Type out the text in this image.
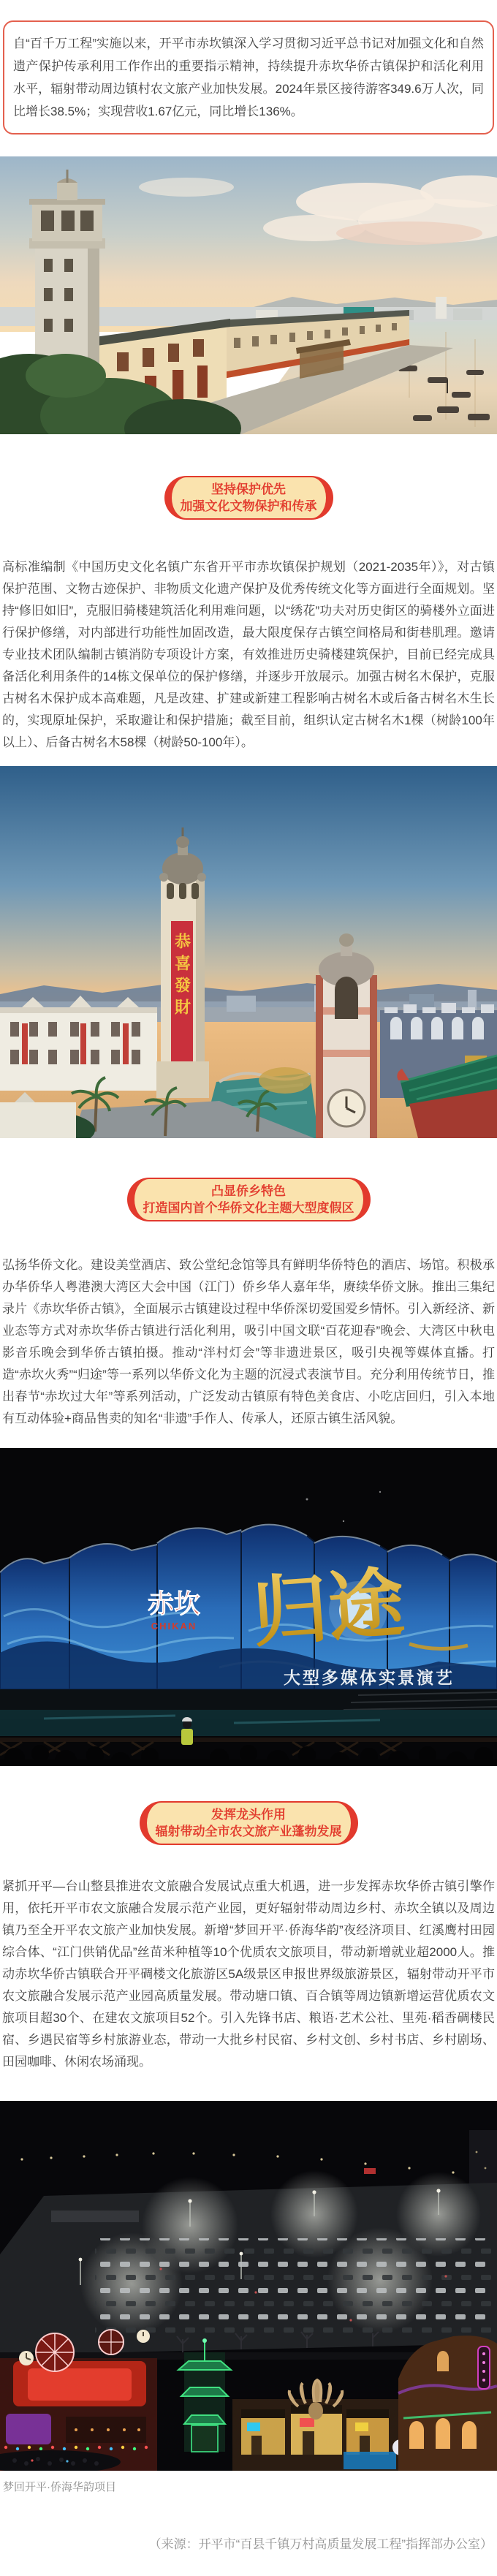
自“百千万工程”实施以来，开平市赤坎镇深入学习贯彻习近平总书记对加强文化和自然遗产保护传承利用工作作出的重要指示精神，持续提升赤坎华侨古镇保护和活化利用水平，辐射带动周边镇村农文旅产业加快发展。2024年景区接待游客349.6万人次，同比增长38.5%；实现营收1.67亿元，同比增长136%。
坚持保护优先
加强文化文物保护和传承

高标准编制《中国历史文化名镇广东省开平市赤坎镇保护规划（2021-2035年）》，对古镇保护范围、文物古迹保护、非物质文化遗产保护及优秀传统文化等方面进行全面规划。坚持“修旧如旧”，克服旧骑楼建筑活化利用难问题，以“绣花”功夫对历史街区的骑楼外立面进行保护修缮，对内部进行功能性加固改造，最大限度保存古镇空间格局和街巷肌理。邀请专业技术团队编制古镇消防专项设计方案，有效推进历史骑楼建筑保护，目前已经完成具备活化利用条件的14栋文保单位的保护修缮，并逐步开放展示。加强古树名木保护，克服古树名木保护成本高难题，凡是改建、扩建或新建工程影响古树名木或后备古树名木生长的，实现原址保护，采取避让和保护措施；截至目前，组织认定古树名木1棵（树龄100年以上）、后备古树名木58棵（树龄50-100年）。

恭喜發財
凸显侨乡特色
打造国内首个华侨文化主题大型度假区

弘扬华侨文化。建设美堂酒店、致公堂纪念馆等具有鲜明华侨特色的酒店、场馆。积极承办华侨华人粤港澳大湾区大会中国（江门）侨乡华人嘉年华，赓续华侨文脉。推出三集纪录片《赤坎华侨古镇》，全面展示古镇建设过程中华侨深切爱国爱乡情怀。引入新经济、新业态等方式对赤坎华侨古镇进行活化利用，吸引中国文联“百花迎春”晚会、大湾区中秋电影音乐晚会到华侨古镇拍摄。推动“泮村灯会”等非遗进景区，吸引央视等媒体直播。打造“赤坎火秀”“归途”等一系列以华侨文化为主题的沉浸式表演节目。充分利用传统节日，推出春节“赤坎过大年”等系列活动，广泛发动古镇原有特色美食店、小吃店回归，引入本地有互动体验+商品售卖的知名“非遗”手作人、传承人，还原古镇生活风貌。

赤坎
CHIKAN 归途
大型多媒体实景演艺
发挥龙头作用
辐射带动全市农文旅产业蓬勃发展

紧抓开平—台山整县推进农文旅融合发展试点重大机遇，进一步发挥赤坎华侨古镇引擎作用，依托开平市农文旅融合发展示范产业园，更好辐射带动周边乡村、赤坎全镇以及周边镇乃至全开平农文旅产业加快发展。新增“梦回开平·侨海华韵”夜经济项目、红溪鹰村田园综合体、“江门供销优品”丝苗米种植等10个优质农文旅项目，带动新增就业超2000人。推动赤坎华侨古镇联合开平碉楼文化旅游区5A级景区申报世界级旅游景区，辐射带动开平市农文旅融合发展示范产业园高质量发展。带动塘口镇、百合镇等周边镇新增运营优质农文旅项目超30个、在建农文旅项目52个。引入先锋书店、粮语·艺术公社、里苑·稻香碉楼民宿、乡遇民宿等乡村旅游业态，带动一大批乡村民宿、乡村文创、乡村书店、乡村剧场、田园咖啡、休闲农场涌现。

梦回开平·侨海华韵项目
（来源：开平市“百县千镇万村高质量发展工程”指挥部办公室）
